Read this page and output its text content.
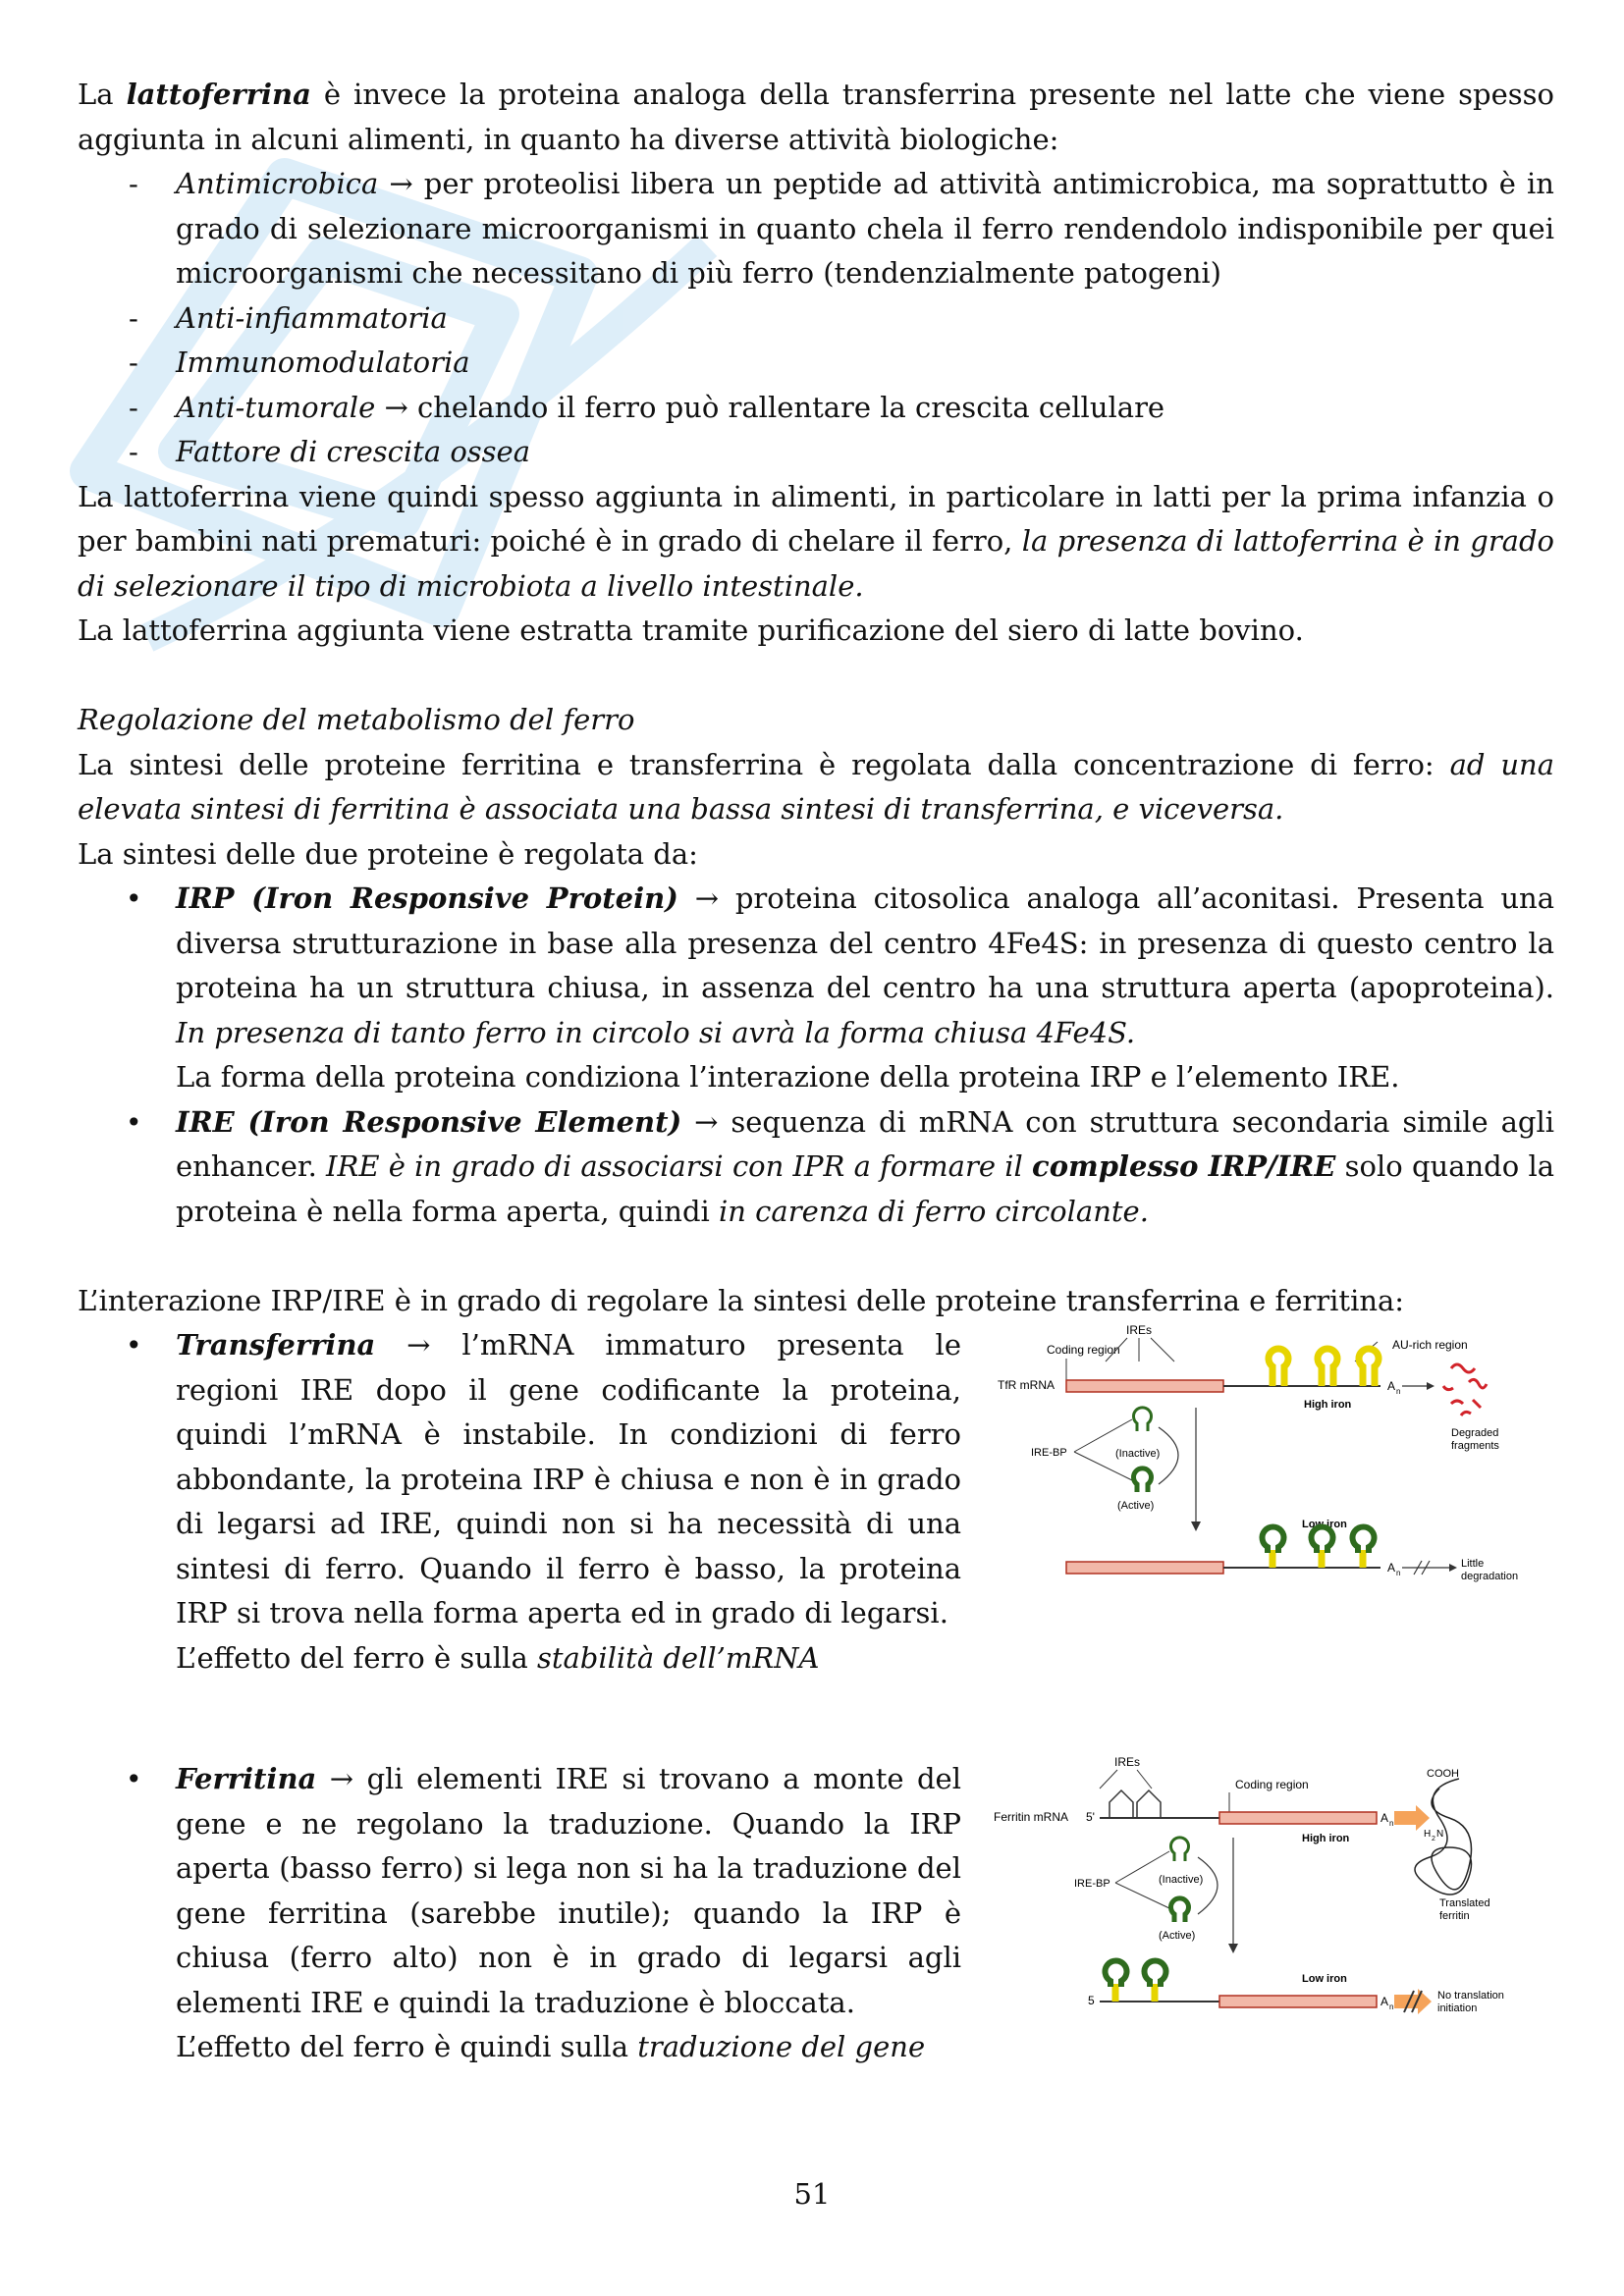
La lattoferrina è invece la proteina analoga della transferrina presente nel latte che viene spesso aggiunta in alcuni alimenti, in quanto ha diverse attività biologiche:

- Antimicrobica → per proteolisi libera un peptide ad attività antimicrobica, ma soprattutto è in grado di selezionare microorganismi in quanto chela il ferro rendendolo indisponibile per quei microorganismi che necessitano di più ferro (tendenzialmente patogeni)
- Anti-infiammatoria
- Immunomodulatoria
- Anti-tumorale → chelando il ferro può rallentare la crescita cellulare
- Fattore di crescita ossea

La lattoferrina viene quindi spesso aggiunta in alimenti, in particolare in latti per la prima infanzia o per bambini nati prematuri: poiché è in grado di chelare il ferro, la presenza di lattoferrina è in grado di selezionare il tipo di microbiota a livello intestinale.

La lattoferrina aggiunta viene estratta tramite purificazione del siero di latte bovino.

Regolazione del metabolismo del ferro

La sintesi delle proteine ferritina e transferrina è regolata dalla concentrazione di ferro: ad una elevata sintesi di ferritina è associata una bassa sintesi di transferrina, e viceversa.

La sintesi delle due proteine è regolata da:

• IRP (Iron Responsive Protein) → proteina citosolica analoga all’aconitasi. Presenta una diversa strutturazione in base alla presenza del centro 4Fe4S: in presenza di questo centro la proteina ha un struttura chiusa, in assenza del centro ha una struttura aperta (apoproteina). In presenza di tanto ferro in circolo si avrà la forma chiusa 4Fe4S.
La forma della proteina condiziona l’interazione della proteina IRP e l’elemento IRE.
• IRE (Iron Responsive Element) → sequenza di mRNA con struttura secondaria simile agli enhancer. IRE è in grado di associarsi con IPR a formare il complesso IRP/IRE solo quando la proteina è nella forma aperta, quindi in carenza di ferro circolante.

L’interazione IRP/IRE è in grado di regolare la sintesi delle proteine transferrina e ferritina:

• Transferrina → l’mRNA immaturo presenta le regioni IRE dopo il gene codificante la proteina, quindi l’mRNA è instabile. In condizioni di ferro abbondante, la proteina IRP è chiusa e non è in grado di legarsi ad IRE, quindi non si ha necessità di una sintesi di ferro. Quando il ferro è basso, la proteina IRP si trova nella forma aperta ed in grado di legarsi.
L’effetto del ferro è sulla stabilità dell’mRNA
IREs
Coding region	AU-rich region
TfR mRNA	A n
High iron
Degraded
fragments
IRE-BP	(Inactive)
(Active)
Low iron
A n
Little
degradation
• Ferritina → gli elementi IRE si trovano a monte del gene e ne regolano la traduzione. Quando la IRP aperta (basso ferro) si lega non si ha la traduzione del gene ferritina (sarebbe inutile); quando la IRP è chiusa (ferro alto) non è in grado di legarsi agli elementi IRE e quindi la traduzione è bloccata.
L’effetto del ferro è quindi sulla traduzione del gene
IREs
Coding region
COOH
Ferritin mRNA 5'	A n
High iron	H 2 N
Translated
ferritin
IRE-BP	(Inactive)
(Active)
Low iron
5	A n
No translation
initiation
51
